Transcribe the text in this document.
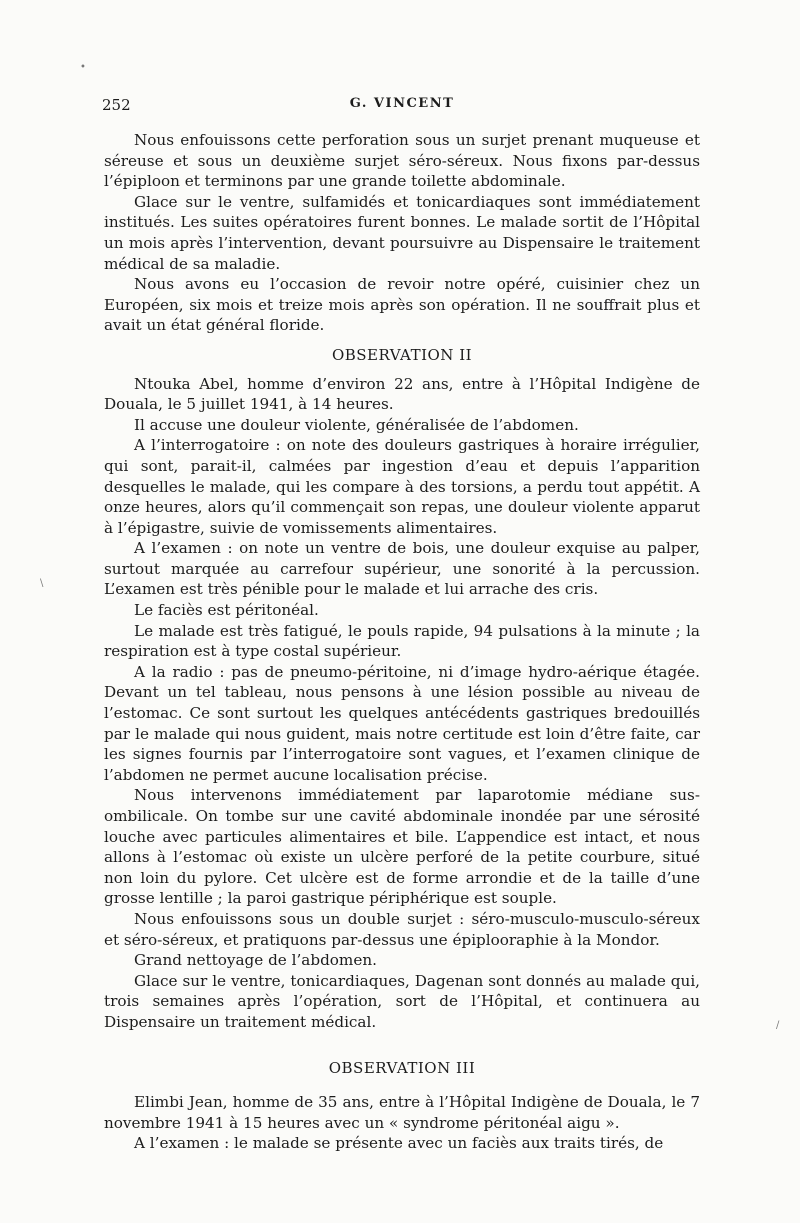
252	G. VINCENT

Nous enfouissons cette perforation sous un surjet prenant muqueuse et séreuse et sous un deuxième surjet séro-séreux. Nous fixons par-dessus l’épiploon et terminons par une grande toilette abdominale.

Glace sur le ventre, sulfamidés et tonicardiaques sont immédiatement institués. Les suites opératoires furent bonnes. Le malade sortit de l’Hôpital un mois après l’intervention, devant poursuivre au Dispensaire le traitement médical de sa maladie.

Nous avons eu l’occasion de revoir notre opéré, cuisinier chez un Européen, six mois et treize mois après son opération. Il ne souffrait plus et avait un état général floride.

OBSERVATION II

Ntouka Abel, homme d’environ 22 ans, entre à l’Hôpital Indigène de Douala, le 5 juillet 1941, à 14 heures.

Il accuse une douleur violente, généralisée de l’abdomen.

A l’interrogatoire : on note des douleurs gastriques à horaire irrégulier, qui sont, parait-il, calmées par ingestion d’eau et depuis l’apparition desquelles le malade, qui les compare à des torsions, a perdu tout appétit. A onze heures, alors qu’il commençait son repas, une douleur violente apparut à l’épigastre, suivie de vomissements alimentaires.

A l’examen : on note un ventre de bois, une douleur exquise au palper, surtout marquée au carrefour supérieur, une sonorité à la percussion. L’examen est très pénible pour le malade et lui arrache des cris.

Le faciès est péritonéal.

Le malade est très fatigué, le pouls rapide, 94 pulsations à la minute ; la respiration est à type costal supérieur.

A la radio : pas de pneumo-péritoine, ni d’image hydro-aérique étagée. Devant un tel tableau, nous pensons à une lésion possible au niveau de l’estomac. Ce sont surtout les quelques antécédents gastriques bredouillés par le malade qui nous guident, mais notre certitude est loin d’être faite, car les signes fournis par l’interrogatoire sont vagues, et l’examen clinique de l’abdomen ne permet aucune localisation précise.

Nous intervenons immédiatement par laparotomie médiane sus-ombilicale. On tombe sur une cavité abdominale inondée par une sérosité louche avec particules alimentaires et bile. L’appendice est intact, et nous allons à l’estomac où existe un ulcère perforé de la petite courbure, situé non loin du pylore. Cet ulcère est de forme arrondie et de la taille d’une grosse lentille ; la paroi gastrique périphérique est souple.

Nous enfouissons sous un double surjet : séro-musculo-musculo-séreux et séro-séreux, et pratiquons par-dessus une épiplooraphie à la Mondor.

Grand nettoyage de l’abdomen.

Glace sur le ventre, tonicardiaques, Dagenan sont donnés au malade qui, trois semaines après l’opération, sort de l’Hôpital, et continuera au Dispensaire un traitement médical.

OBSERVATION III

Elimbi Jean, homme de 35 ans, entre à l’Hôpital Indigène de Douala, le 7 novembre 1941 à 15 heures avec un « syndrome péritonéal aigu ».

A l’examen : le malade se présente avec un faciès aux traits tirés, de

•
\
/
